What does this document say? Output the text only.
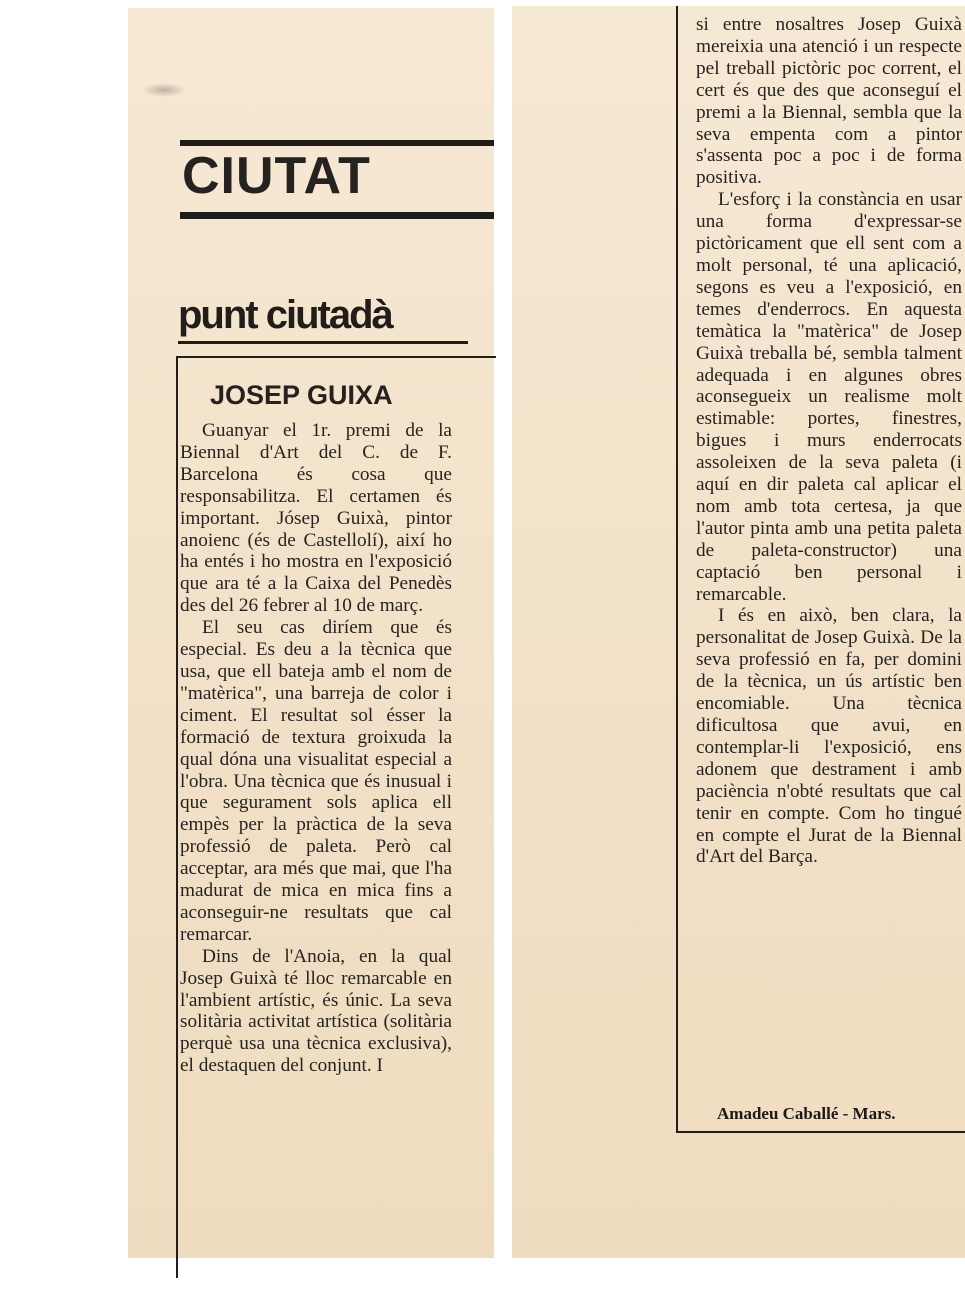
CIUTAT
punt ciutadà
JOSEP GUIXA

Guanyar el 1r. premi de la Biennal d'Art del C. de F. Barcelona és cosa que responsabilitza. El certamen és important. Jósep Guixà, pintor anoienc (és de Castellolí), així ho ha entés i ho mostra en l'exposició que ara té a la Caixa del Penedès des del 26 febrer al 10 de març.

El seu cas diríem que és especial. Es deu a la tècnica que usa, que ell bateja amb el nom de "matèrica", una barreja de color i ciment. El resultat sol ésser la formació de textura groixuda la qual dóna una visualitat especial a l'obra. Una tècnica que és inusual i que segurament sols aplica ell empès per la pràctica de la seva professió de paleta. Però cal acceptar, ara més que mai, que l'ha madurat de mica en mica fins a aconseguir-ne resultats que cal remarcar.

Dins de l'Anoia, en la qual Josep Guixà té lloc remarcable en l'ambient artístic, és únic. La seva solitària activitat artística (solitària perquè usa una tècnica exclusiva), el destaquen del conjunt. I

si entre nosaltres Josep Guixà mereixia una atenció i un respecte pel treball pictòric poc corrent, el cert és que des que aconseguí el premi a la Biennal, sembla que la seva empenta com a pintor s'assenta poc a poc i de forma positiva.

L'esforç i la constància en usar una forma d'expressar-se pictòricament que ell sent com a molt personal, té una aplicació, segons es veu a l'exposició, en temes d'enderrocs. En aquesta temàtica la "matèrica" de Josep Guixà treballa bé, sembla talment adequada i en algunes obres aconsegueix un realisme molt estimable: portes, finestres, bigues i murs enderrocats assoleixen de la seva paleta (i aquí en dir paleta cal aplicar el nom amb tota certesa, ja que l'autor pinta amb una petita paleta de paleta-constructor) una captació ben personal i remarcable.

I és en això, ben clara, la personalitat de Josep Guixà. De la seva professió en fa, per domini de la tècnica, un ús artístic ben encomiable. Una tècnica dificultosa que avui, en contemplar-li l'exposició, ens adonem que destrament i amb paciència n'obté resultats que cal tenir en compte. Com ho tingué en compte el Jurat de la Biennal d'Art del Barça.

Amadeu Caballé - Mars.
